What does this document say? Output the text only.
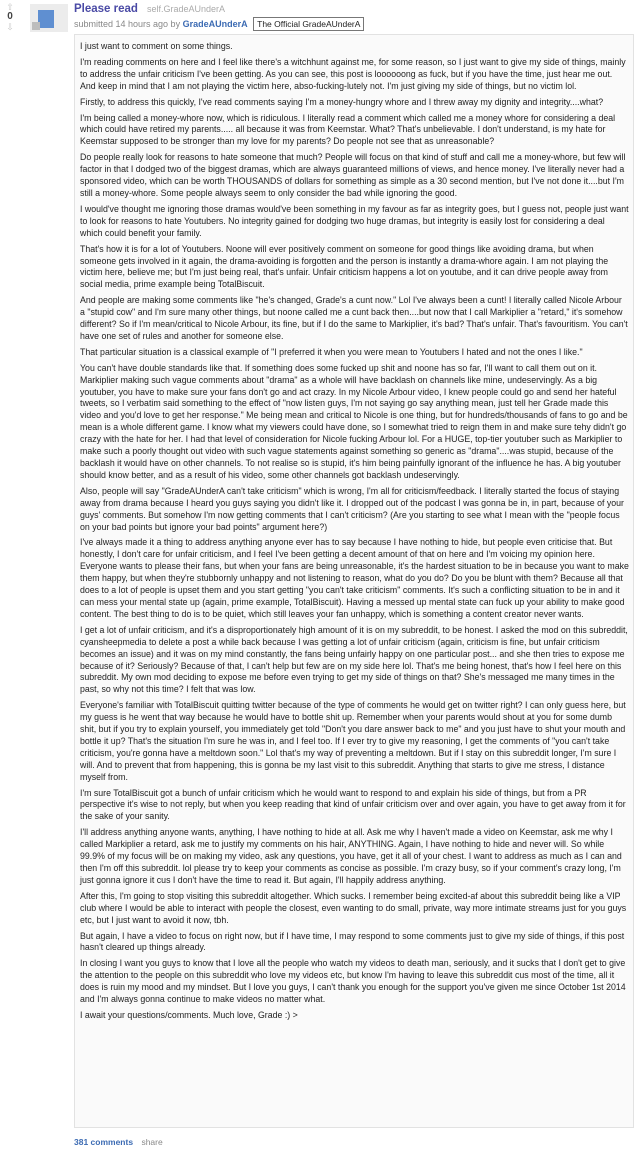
⇧
0
⇩
Please read self.GradeAUnderA
submitted 14 hours ago by GradeAUnderA The Official GradeAUnderA

I just want to comment on some things.

I'm reading comments on here and I feel like there's a witchhunt against me, for some reason, so I just want to give my side of things, mainly to address the unfair criticism I've been getting. As you can see, this post is loooooong as fuck, but if you have the time, just hear me out. And keep in mind that I am not playing the victim here, abso-fucking-lutely not. I'm just giving my side of things, but no victim lol.

Firstly, to address this quickly, I've read comments saying I'm a money-hungry whore and I threw away my dignity and integrity....what?

I'm being called a money-whore now, which is ridiculous. I literally read a comment which called me a money whore for considering a deal which could have retired my parents..... all because it was from Keemstar. What? That's unbelievable. I don't understand, is my hate for Keemstar supposed to be stronger than my love for my parents? Do people not see that as unreasonable?

Do people really look for reasons to hate someone that much? People will focus on that kind of stuff and call me a money-whore, but few will factor in that I dodged two of the biggest dramas, which are always guaranteed millions of views, and hence money. I've literally never had a sponsored video, which can be worth THOUSANDS of dollars for something as simple as a 30 second mention, but I've not done it....but I'm still a money-whore. Some people always seem to only consider the bad while ignoring the good.

I would've thought me ignoring those dramas would've been something in my favour as far as integrity goes, but I guess not, people just want to look for reasons to hate Youtubers. No integrity gained for dodging two huge dramas, but integrity is easily lost for considering a deal which could benefit your family.

That's how it is for a lot of Youtubers. Noone will ever positively comment on someone for good things like avoiding drama, but when someone gets involved in it again, the drama-avoiding is forgotten and the person is instantly a drama-whore again. I am not playing the victim here, believe me; but I'm just being real, that's unfair. Unfair criticism happens a lot on youtube, and it can drive people away from social media, prime example being TotalBiscuit.

And people are making some comments like "he's changed, Grade's a cunt now." Lol I've always been a cunt! I literally called Nicole Arbour a "stupid cow" and I'm sure many other things, but noone called me a cunt back then....but now that I call Markiplier a "retard," it's somehow different? So if I'm mean/critical to Nicole Arbour, its fine, but if I do the same to Markiplier, it's bad? That's unfair. That's favouritism. You can't have one set of rules and another for someone else.

That particular situation is a classical example of "I preferred it when you were mean to Youtubers I hated and not the ones I like."

You can't have double standards like that. If something does some fucked up shit and noone has so far, I'll want to call them out on it. Markiplier making such vague comments about "drama" as a whole will have backlash on channels like mine, undeservingly. As a big youtuber, you have to make sure your fans don't go and act crazy. In my Nicole Arbour video, I knew people could go and send her hateful tweets, so I verbatim said something to the effect of "now listen guys, I'm not saying go say anything mean, just tell her Grade made this video and you'd love to get her response." Me being mean and critical to Nicole is one thing, but for hundreds/thousands of fans to go and be mean is a whole different game. I know what my viewers could have done, so I somewhat tried to reign them in and make sure tehy didn't go crazy with the hate for her. I had that level of consideration for Nicole fucking Arbour lol. For a HUGE, top-tier youtuber such as Markiplier to make such a poorly thought out video with such vague statements against something so generic as "drama"....was stupid, because of the backlash it would have on other channels. To not realise so is stupid, it's him being painfully ignorant of the influence he has. A big youtuber should know better, and as a result of his video, some other channels got backlash undeservingly.

Also, people will say "GradeAUnderA can't take criticism" which is wrong, I'm all for criticism/feedback. I literally started the focus of staying away from drama because I heard you guys saying you didn't like it. I dropped out of the podcast I was gonna be in, in part, because of your guys' comments. But somehow I'm now getting comments that I can't criticism? (Are you starting to see what I mean with the "people focus on your bad points but ignore your bad points" argument here?)

I've always made it a thing to address anything anyone ever has to say because I have nothing to hide, but people even criticise that. But honestly, I don't care for unfair criticism, and I feel I've been getting a decent amount of that on here and I'm voicing my opinion here. Everyone wants to please their fans, but when your fans are being unreasonable, it's the hardest situation to be in because you want to make them happy, but when they're stubbornly unhappy and not listening to reason, what do you do? Do you be blunt with them? Because all that does to a lot of people is upset them and you start getting "you can't take criticism" comments. It's such a conflicting situation to be in and it can mess your mental state up (again, prime example, TotalBiscuit). Having a messed up mental state can fuck up your ability to make good content. The best thing to do is to be quiet, which still leaves your fan unhappy, which is something a content creator never wants.

I get a lot of unfair criticism, and it's a disproportionately high amount of it is on my subreddit, to be honest. I asked the mod on this subreddit, cyansheepmedia to delete a post a while back because I was getting a lot of unfair criticism (again, criticism is fine, but unfair criticism becomes an issue) and it was on my mind constantly, the fans being unfairly happy on one particular post... and she then tries to expose me because of it? Seriously? Because of that, I can't help but few are on my side here lol. That's me being honest, that's how I feel here on this subreddit. My own mod deciding to expose me before even trying to get my side of things on that? She's messaged me many times in the past, so why not this time? I felt that was low.

Everyone's familiar with TotalBiscuit quitting twitter because of the type of comments he would get on twitter right? I can only guess here, but my guess is he went that way because he would have to bottle shit up. Remember when your parents would shout at you for some dumb shit, but if you try to explain yourself, you immediately get told "Don't you dare answer back to me" and you just have to shut your mouth and bottle it up? That's the situation I'm sure he was in, and I feel too. If I ever try to give my reasoning, I get the comments of "you can't take criticism, you're gonna have a meltdown soon." Lol that's my way of preventing a meltdown. But if I stay on this subreddit longer, I'm sure I will. And to prevent that from happening, this is gonna be my last visit to this subreddit. Anything that starts to give me stress, I distance myself from.

I'm sure TotalBiscuit got a bunch of unfair criticism which he would want to respond to and explain his side of things, but from a PR perspective it's wise to not reply, but when you keep reading that kind of unfair criticism over and over again, you have to get away from it for the sake of your sanity.

I'll address anything anyone wants, anything, I have nothing to hide at all. Ask me why I haven't made a video on Keemstar, ask me why I called Markiplier a retard, ask me to justify my comments on his hair, ANYTHING. Again, I have nothing to hide and never will. So while 99.9% of my focus will be on making my video, ask any questions, you have, get it all of your chest. I want to address as much as I can and then I'm off this subreddit. lol please try to keep your comments as concise as possible. I'm crazy busy, so if your comment's crazy long, I'm just gonna ignore it cus I don't have the time to read it. But again, I'll happily address anything.

After this, I'm going to stop visiting this subreddit altogether. Which sucks. I remember being excited-af about this subreddit being like a VIP club where I would be able to interact with people the closest, even wanting to do small, private, way more intimate streams just for you guys etc, but I just want to avoid it now, tbh.

But again, I have a video to focus on right now, but if I have time, I may respond to some comments just to give my side of things, if this post hasn't cleared up things already.

In closing I want you guys to know that I love all the people who watch my videos to death man, seriously, and it sucks that I don't get to give the attention to the people on this subreddit who love my videos etc, but know I'm having to leave this subreddit cus most of the time, all it does is ruin my mood and my mindset. But I love you guys, I can't thank you enough for the support you've given me since October 1st 2014 and I'm always gonna continue to make videos no matter what.

I await your questions/comments. Much love, Grade :) >

381 comments share
